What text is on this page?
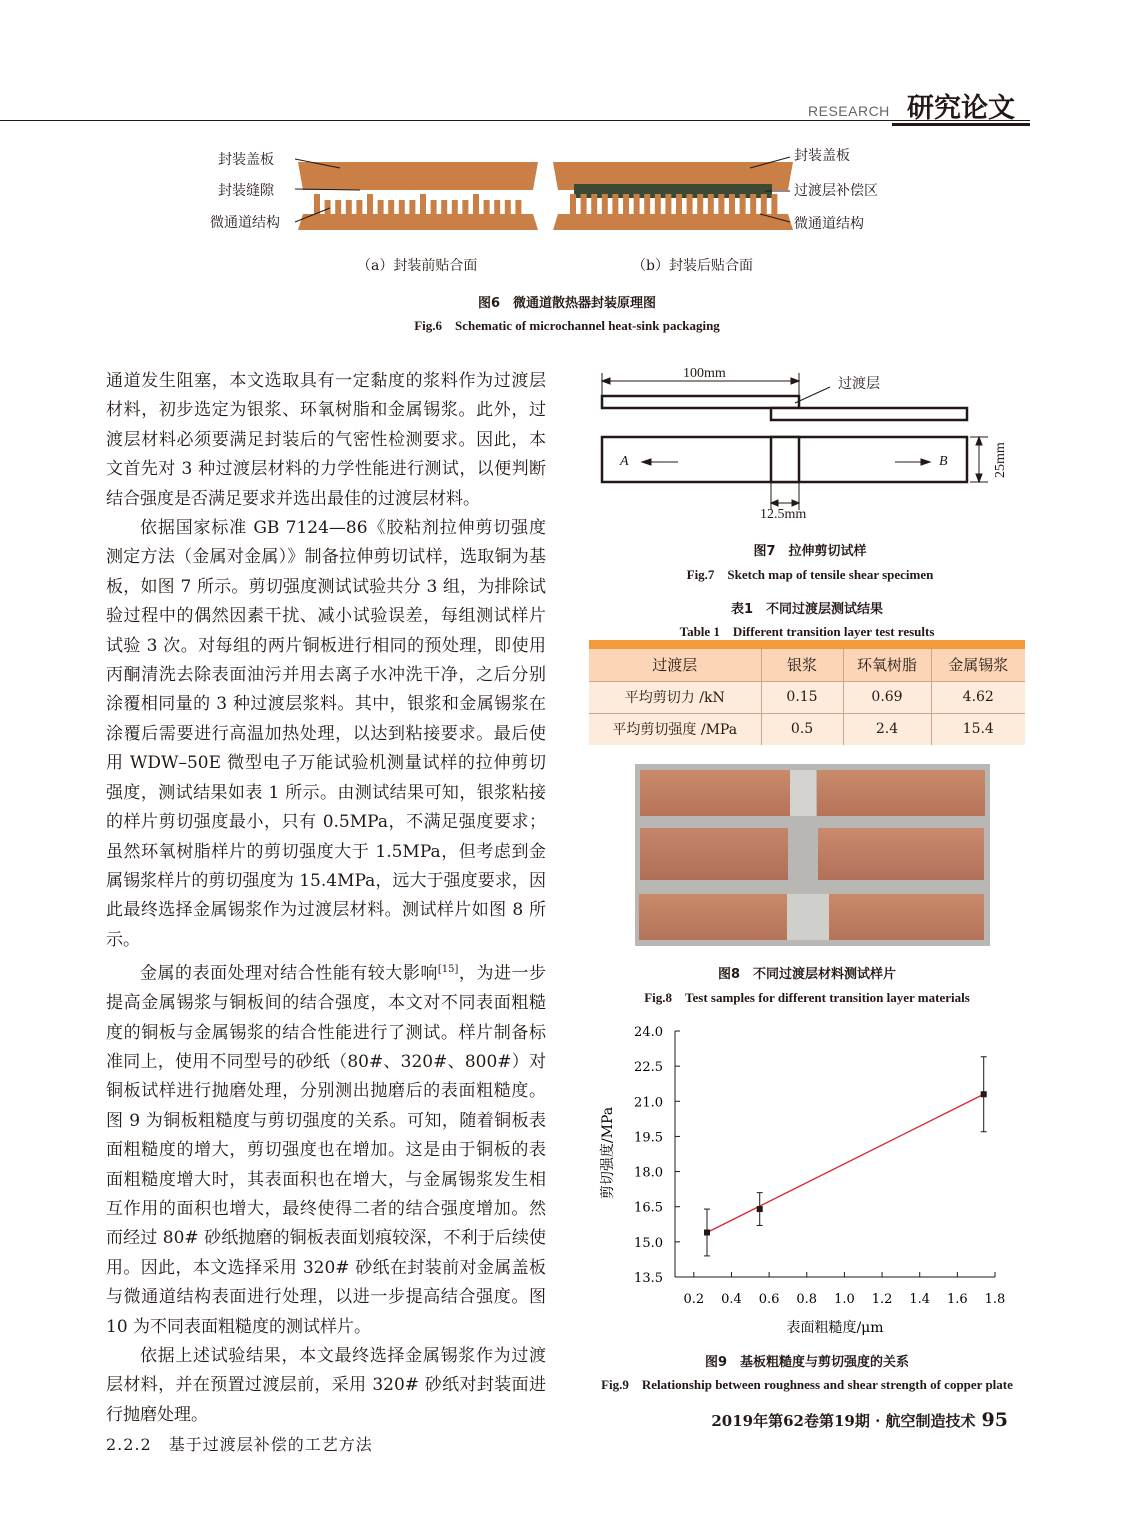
RESEARCH 研究论文
封装盖板
封装缝隙
微通道结构
封装盖板
过渡层补偿区
微通道结构
（a）封装前贴合面	（b）封装后贴合面
图6　微通道散热器封装原理图
Fig.6　Schematic of microchannel heat-sink packaging

通道发生阻塞，本文选取具有一定黏度的浆料作为过渡层材料，初步选定为银浆、环氧树脂和金属锡浆。此外，过渡层材料必须要满足封装后的气密性检测要求。因此，本文首先对 3 种过渡层材料的力学性能进行测试，以便判断结合强度是否满足要求并选出最佳的过渡层材料。

依据国家标准 GB 7124—86《胶粘剂拉伸剪切强度测定方法（金属对金属）》制备拉伸剪切试样，选取铜为基板，如图 7 所示。剪切强度测试试验共分 3 组，为排除试验过程中的偶然因素干扰、减小试验误差，每组测试样片试验 3 次。对每组的两片铜板进行相同的预处理，即使用丙酮清洗去除表面油污并用去离子水冲洗干净，之后分别涂覆相同量的 3 种过渡层浆料。其中，银浆和金属锡浆在涂覆后需要进行高温加热处理，以达到粘接要求。最后使用 WDW–50E 微型电子万能试验机测量试样的拉伸剪切强度，测试结果如表 1 所示。由测试结果可知，银浆粘接的样片剪切强度最小，只有 0.5MPa，不满足强度要求；虽然环氧树脂样片的剪切强度大于 1.5MPa，但考虑到金属锡浆样片的剪切强度为 15.4MPa，远大于强度要求，因此最终选择金属锡浆作为过渡层材料。测试样片如图 8 所示。

金属的表面处理对结合性能有较大影响[15]，为进一步提高金属锡浆与铜板间的结合强度，本文对不同表面粗糙度的铜板与金属锡浆的结合性能进行了测试。样片制备标准同上，使用不同型号的砂纸（80#、320#、800#）对铜板试样进行抛磨处理，分别测出抛磨后的表面粗糙度。图 9 为铜板粗糙度与剪切强度的关系。可知，随着铜板表面粗糙度的增大，剪切强度也在增加。这是由于铜板的表面粗糙度增大时，其表面积也在增大，与金属锡浆发生相互作用的面积也增大，最终使得二者的结合强度增加。然而经过 80# 砂纸抛磨的铜板表面划痕较深，不利于后续使用。因此，本文选择采用 320# 砂纸在封装前对金属盖板与微通道结构表面进行处理，以进一步提高结合强度。图 10 为不同表面粗糙度的测试样片。

依据上述试验结果，本文最终选择金属锡浆作为过渡层材料，并在预置过渡层前，采用 320# 砂纸对封装面进行抛磨处理。

2.2.2　基于过渡层补偿的工艺方法

100mm
过渡层
A	B	25mm
12.5mm
图7　拉伸剪切试样
Fig.7　Sketch map of tensile shear specimen
表1　不同过渡层测试结果
Table 1　Different transition layer test results

过渡层	银浆	环氧树脂	金属锡浆
平均剪切力 /kN	0.15	0.69	4.62
平均剪切强度 /MPa	0.5	2.4	15.4
图8　不同过渡层材料测试样片
Fig.8　Test samples for different transition layer materials
13.5
15.0
16.5
18.0
19.5
21.0
22.5
24.0
0.2 0.4 0.6 0.8 1.0 1.2 1.4 1.6 1.8
表面粗糙度/μm
剪切强度/MPa
图9　基板粗糙度与剪切强度的关系
Fig.9　Relationship between roughness and shear strength of copper plate
2019年第62卷第19期 · 航空制造技术 95
